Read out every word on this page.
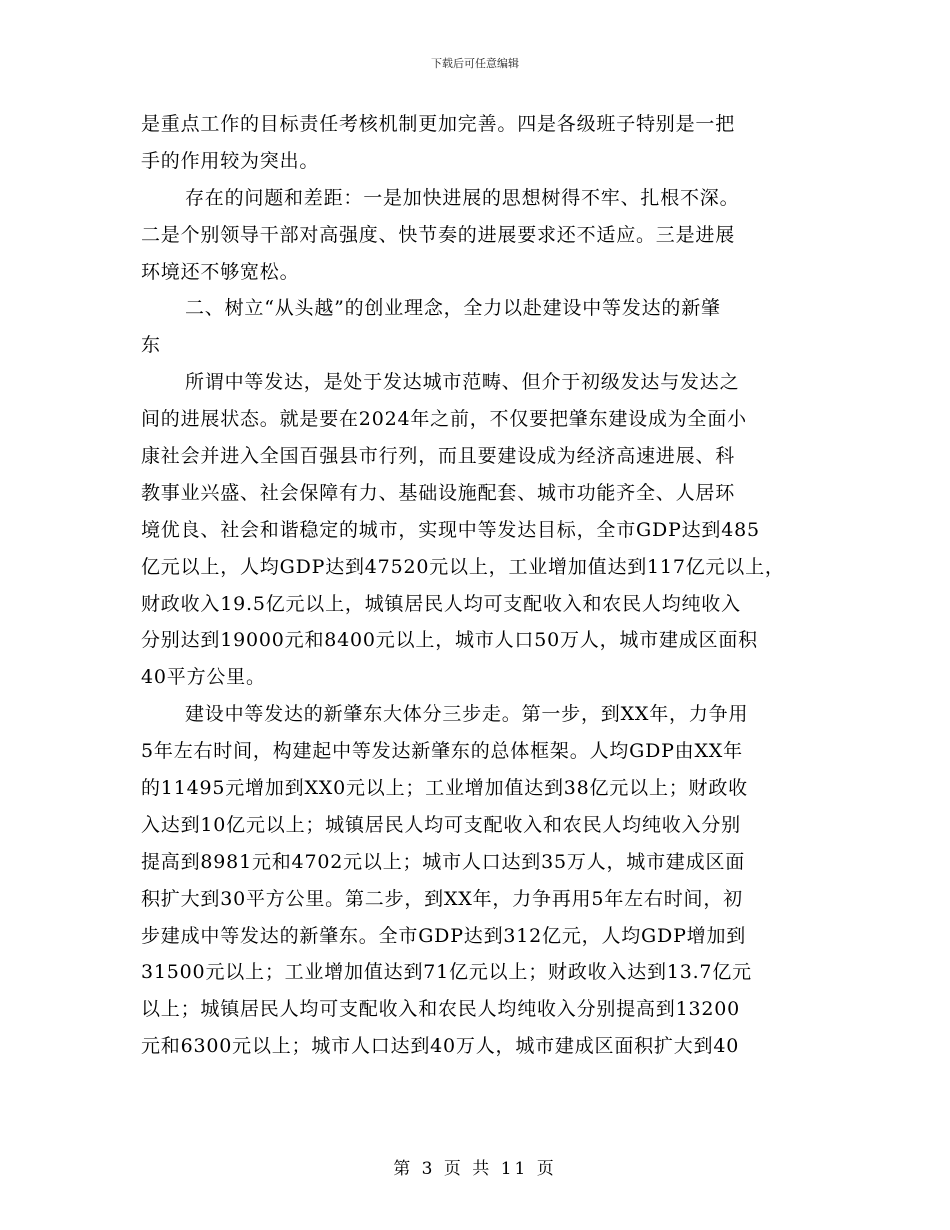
下载后可任意编辑
是重点工作的目标责任考核机制更加完善。四是各级班子特别是一把
手的作用较为突出。
存在的问题和差距：一是加快进展的思想树得不牢、扎根不深。
二是个别领导干部对高强度、快节奏的进展要求还不适应。三是进展
环境还不够宽松。
二、树立“从头越”的创业理念，全力以赴建设中等发达的新肇
东
所谓中等发达，是处于发达城市范畴、但介于初级发达与发达之
间的进展状态。就是要在2024年之前，不仅要把肇东建设成为全面小
康社会并进入全国百强县市行列，而且要建设成为经济高速进展、科
教事业兴盛、社会保障有力、基础设施配套、城市功能齐全、人居环
境优良、社会和谐稳定的城市，实现中等发达目标，全市GDP达到485
亿元以上，人均GDP达到47520元以上，工业增加值达到117亿元以上，
财政收入19.5亿元以上，城镇居民人均可支配收入和农民人均纯收入
分别达到19000元和8400元以上，城市人口50万人，城市建成区面积
40平方公里。
建设中等发达的新肇东大体分三步走。第一步，到XX年，力争用
5年左右时间，构建起中等发达新肇东的总体框架。人均GDP由XX年
的11495元增加到XX0元以上；工业增加值达到38亿元以上；财政收
入达到10亿元以上；城镇居民人均可支配收入和农民人均纯收入分别
提高到8981元和4702元以上；城市人口达到35万人，城市建成区面
积扩大到30平方公里。第二步，到XX年，力争再用5年左右时间，初
步建成中等发达的新肇东。全市GDP达到312亿元，人均GDP增加到
31500元以上；工业增加值达到71亿元以上；财政收入达到13.7亿元
以上；城镇居民人均可支配收入和农民人均纯收入分别提高到13200
元和6300元以上；城市人口达到40万人，城市建成区面积扩大到40
第 3 页 共 11 页
